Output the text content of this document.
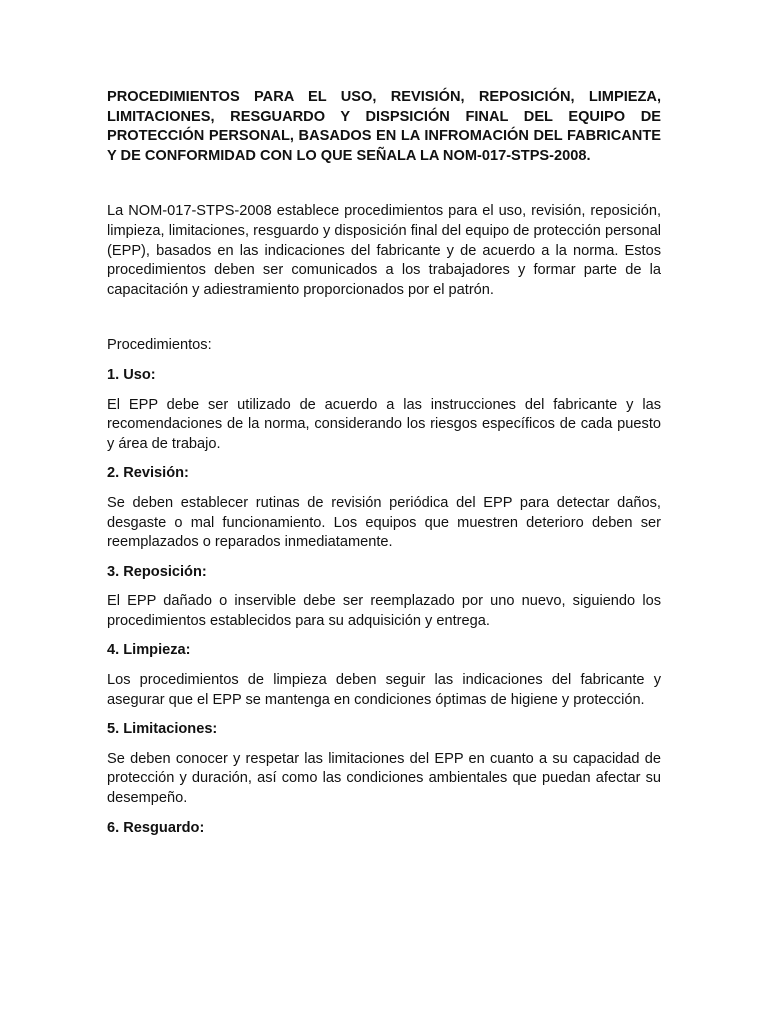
PROCEDIMIENTOS PARA EL USO, REVISIÓN, REPOSICIÓN, LIMPIEZA, LIMITACIONES, RESGUARDO Y DISPSICIÓN FINAL DEL EQUIPO DE PROTECCIÓN PERSONAL, BASADOS EN LA INFROMACIÓN DEL FABRICANTE Y DE CONFORMIDAD CON LO QUE SEÑALA LA NOM-017-STPS-2008.

La NOM-017-STPS-2008 establece procedimientos para el uso, revisión, reposición, limpieza, limitaciones, resguardo y disposición final del equipo de protección personal (EPP), basados en las indicaciones del fabricante y de acuerdo a la norma. Estos procedimientos deben ser comunicados a los trabajadores y formar parte de la capacitación y adiestramiento proporcionados por el patrón.

Procedimientos:

1. Uso:

El EPP debe ser utilizado de acuerdo a las instrucciones del fabricante y las recomendaciones de la norma, considerando los riesgos específicos de cada puesto y área de trabajo.

2. Revisión:

Se deben establecer rutinas de revisión periódica del EPP para detectar daños, desgaste o mal funcionamiento. Los equipos que muestren deterioro deben ser reemplazados o reparados inmediatamente.

3. Reposición:

El EPP dañado o inservible debe ser reemplazado por uno nuevo, siguiendo los procedimientos establecidos para su adquisición y entrega.

4. Limpieza:

Los procedimientos de limpieza deben seguir las indicaciones del fabricante y asegurar que el EPP se mantenga en condiciones óptimas de higiene y protección.

5. Limitaciones:

Se deben conocer y respetar las limitaciones del EPP en cuanto a su capacidad de protección y duración, así como las condiciones ambientales que puedan afectar su desempeño.

6. Resguardo:
